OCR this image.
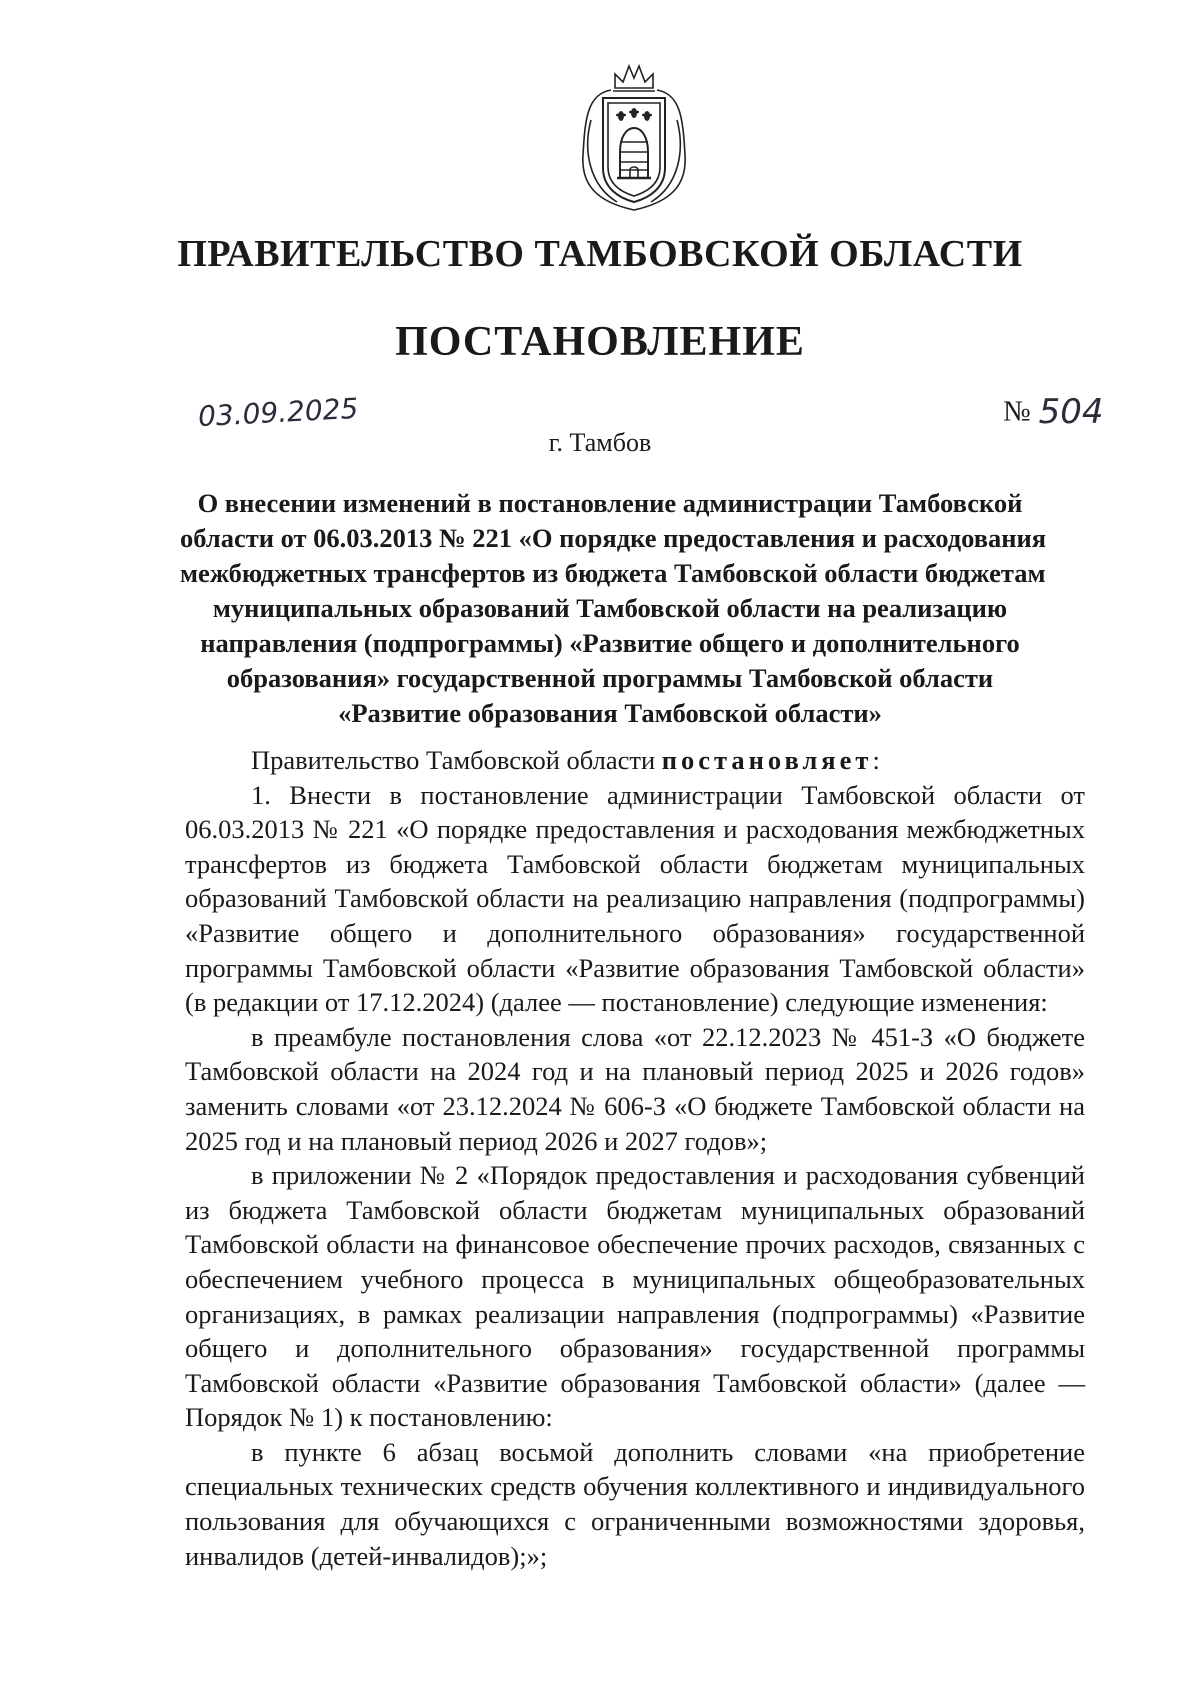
ПРАВИТЕЛЬСТВО ТАМБОВСКОЙ ОБЛАСТИ
ПОСТАНОВЛЕНИЕ
03.09.2025	№ 504

г. Тамбов

О внесении изменений в постановление администрации Тамбовской
области от 06.03.2013 № 221 «О порядке предоставления и расходования
межбюджетных трансфертов из бюджета Тамбовской области бюджетам
муниципальных образований Тамбовской области на реализацию
направления (подпрограммы) «Развитие общего и дополнительного
образования» государственной программы Тамбовской области
«Развитие образования Тамбовской области»

Правительство Тамбовской области постановляет:

1. Внести в постановление администрации Тамбовской области от 06.03.2013 № 221 «О порядке предоставления и расходования межбюджетных трансфертов из бюджета Тамбовской области бюджетам муниципальных образований Тамбовской области на реализацию направления (подпрограммы) «Развитие общего и дополнительного образования» государственной программы Тамбовской области «Развитие образования Тамбовской области» (в редакции от 17.12.2024) (далее — постановление) следующие изменения:

в преамбуле постановления слова «от 22.12.2023 № 451-З «О бюджете Тамбовской области на 2024 год и на плановый период 2025 и 2026 годов» заменить словами «от 23.12.2024 № 606-З «О бюджете Тамбовской области на 2025 год и на плановый период 2026 и 2027 годов»;

в приложении № 2 «Порядок предоставления и расходования субвенций из бюджета Тамбовской области бюджетам муниципальных образований Тамбовской области на финансовое обеспечение прочих расходов, связанных с обеспечением учебного процесса в муниципальных общеобразовательных организациях, в рамках реализации направления (подпрограммы) «Развитие общего и дополнительного образования» государственной программы Тамбовской области «Развитие образования Тамбовской области» (далее — Порядок № 1) к постановлению:

в пункте 6 абзац восьмой дополнить словами «на приобретение специальных технических средств обучения коллективного и индивидуального пользования для обучающихся с ограниченными возможностями здоровья, инвалидов (детей-инвалидов);»;
